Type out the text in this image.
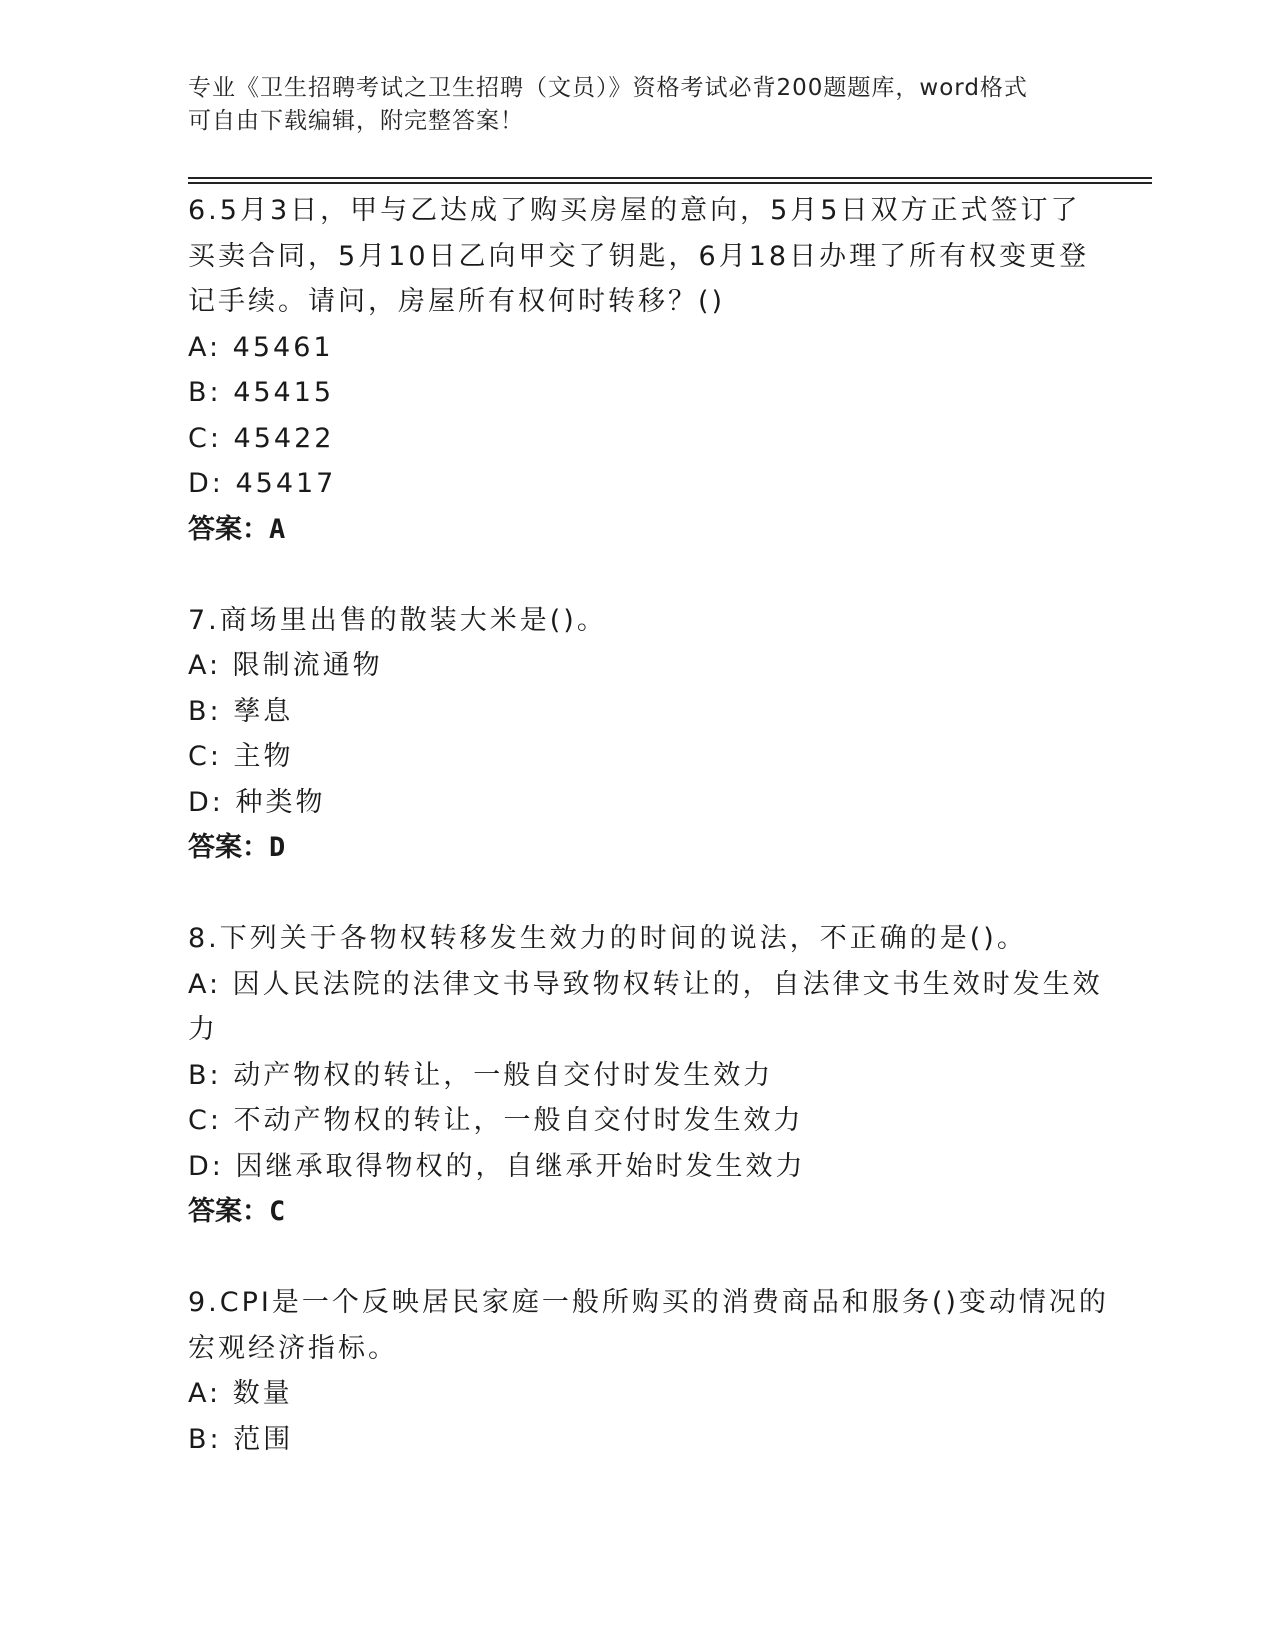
专业《卫生招聘考试之卫生招聘（文员）》资格考试必背200题题库，word格式
可自由下载编辑，附完整答案！
6.5月3日，甲与乙达成了购买房屋的意向，5月5日双方正式签订了
买卖合同，5月10日乙向甲交了钥匙，6月18日办理了所有权变更登
记手续。请问，房屋所有权何时转移？()
A: 45461
B: 45415
C: 45422
D: 45417
答案：A
7.商场里出售的散装大米是()。
A: 限制流通物
B: 孳息
C: 主物
D: 种类物
答案：D
8.下列关于各物权转移发生效力的时间的说法，不正确的是()。
A: 因人民法院的法律文书导致物权转让的，自法律文书生效时发生效
力
B: 动产物权的转让，一般自交付时发生效力
C: 不动产物权的转让，一般自交付时发生效力
D: 因继承取得物权的，自继承开始时发生效力
答案：C
9.CPI是一个反映居民家庭一般所购买的消费商品和服务()变动情况的
宏观经济指标。
A: 数量
B: 范围
